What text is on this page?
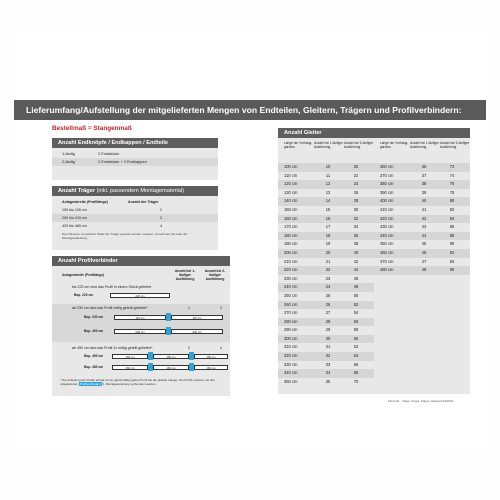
Lieferumfang/Aufstellung der mitgelieferten Mengen von Endteilen, Gleitern, Trägern und Profilverbindern:
Bestellmaß = Stangenmaß
Anzahl Endknöpfe / Endkappen / Endteile
1-läufig	2 Endstücke
2-läufig	2 Endstücke + 2 Endkappen
Anzahl Träger (inkl. passendem Montagematerial)
Anlagenbreite (Profillänge)	Anzahl der Träger
100 bis 190 cm	2
200 bis 410 cm	3
420 bis 480 cm	4
Den Hinweis, an welcher Stelle die Träger gesetzt werden müssen, entnehmen Sie bitte der Montageanleitung.
Anzahl Profilverbinder
Anlagenbreite (Profillänge)
Anzahl bei 1-läufiger Ausführung
Anzahl bei 2-läufiger Ausführung
bis 220 cm wird das Profil in einem Stück geliefert
Bsp. 220 cm	220 cm
ab 230 cm wird das Profil mittig geteilt geliefert*	1	2
Bsp. 230 cm	115 cm	115 cm
Bsp. 400 cm	200 cm	200 cm
ab 450 cm wird das Profil 2x mittig geteilt geliefert*	2	4
Bsp. 450 cm	150 cm	150 cm	150 cm
Bsp. 480 cm	160 cm	160 cm	160 cm
* Die Aufteilung der Profile erfolgt immer gleichmäßig (jedes Profil hat die gleiche Länge). Die Profile müssen mit den mitgelieferten Profilverbindern lt. Montageanleitung verbunden werden.
Anzahl Gleiter
Länge der Vorhang-garnitur
Anzahl bei 1-läufiger Ausführung
Anzahl bei 2-läufiger Ausführung
100 cm	10	20
110 cm	11	22
120 cm	12	24
130 cm	13	26
140 cm	14	28
150 cm	15	30
160 cm	16	32
170 cm	17	34
180 cm	18	36
190 cm	19	38
200 cm	20	40
210 cm	21	42
220 cm	22	44
230 cm	23	46
240 cm	24	48
250 cm	25	50
260 cm	26	52
270 cm	27	54
280 cm	28	56
290 cm	29	58
300 cm	30	60
310 cm	31	62
320 cm	32	64
330 cm	33	66
340 cm	34	68
350 cm	35	70
Länge der Vorhang-garnitur
Anzahl bei 1-läufiger Ausführung
Anzahl bei 2-läufiger Ausführung
360 cm	36	72
370 cm	37	74
380 cm	38	76
390 cm	39	78
400 cm	40	80
410 cm	41	82
420 cm	42	84
430 cm	43	86
440 cm	44	88
450 cm	45	90
460 cm	46	92
470 cm	47	94
480 cm	48	96
16mm E. - Raup, Kugel, Kappe, Dekoart 04/2024
